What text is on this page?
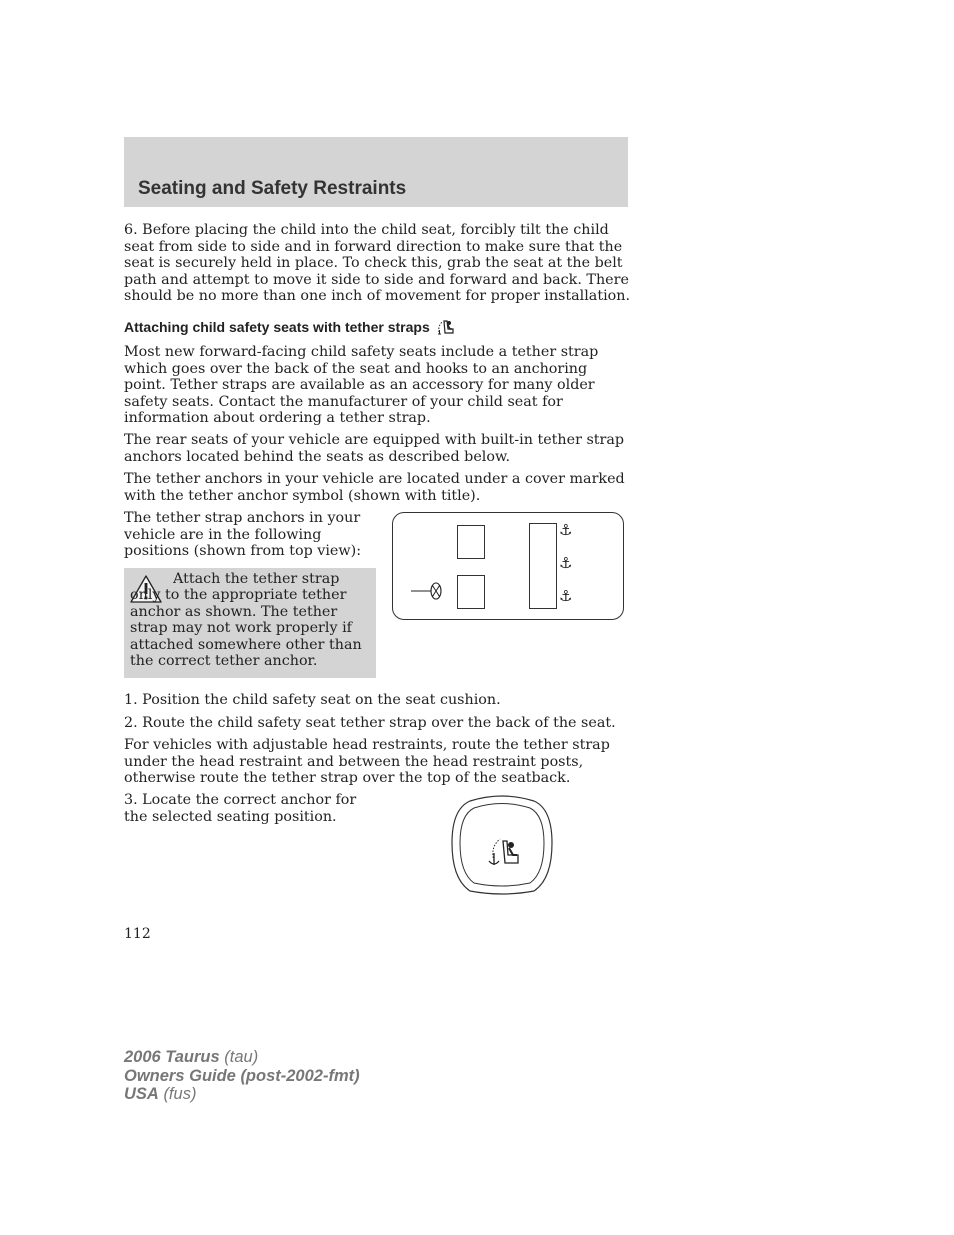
Seating and Safety Restraints

6. Before placing the child into the child seat, forcibly tilt the child seat from side to side and in forward direction to make sure that the seat is securely held in place. To check this, grab the seat at the belt path and attempt to move it side to side and forward and back. There should be no more than one inch of movement for proper installation.

Attaching child safety seats with tether straps

Most new forward-facing child safety seats include a tether strap which goes over the back of the seat and hooks to an anchoring point. Tether straps are available as an accessory for many older safety seats. Contact the manufacturer of your child seat for information about ordering a tether strap.

The rear seats of your vehicle are equipped with built-in tether strap anchors located behind the seats as described below.

The tether anchors in your vehicle are located under a cover marked with the tether anchor symbol (shown with title).

The tether strap anchors in your vehicle are in the following positions (shown from top view):

Attach the tether strap only to the appropriate tether anchor as shown. The tether strap may not work properly if attached somewhere other than the correct tether anchor.

⚓
⚓
⚓

1. Position the child safety seat on the seat cushion.

2. Route the child safety seat tether strap over the back of the seat.

For vehicles with adjustable head restraints, route the tether strap under the head restraint and between the head restraint posts, otherwise route the tether strap over the top of the seatback.

3. Locate the correct anchor for the selected seating position.

112

2006 Taurus (tau)
Owners Guide (post-2002-fmt)
USA (fus)
